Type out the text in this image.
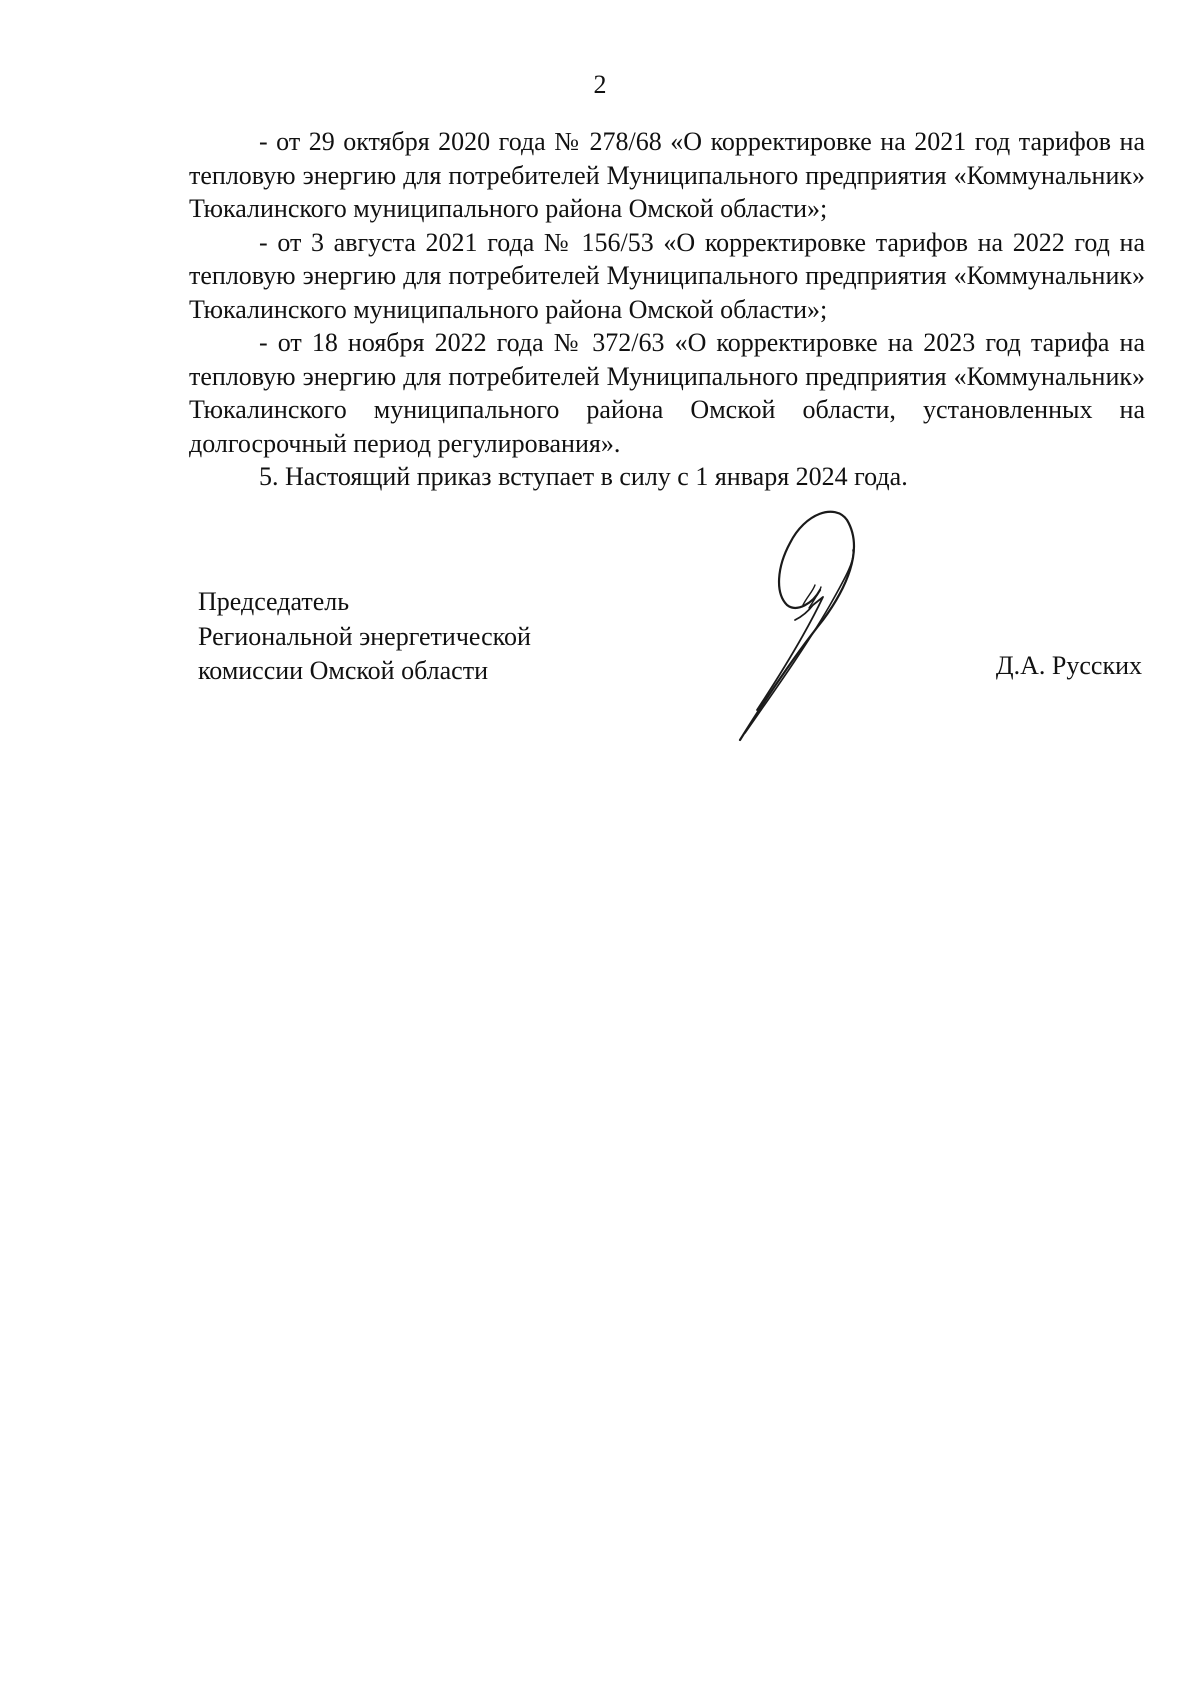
2

- от 29 октября 2020 года № 278/68 «О корректировке на 2021 год тарифов на тепловую энергию для потребителей Муниципального предприятия «Коммунальник» Тюкалинского муниципального района Омской области»;

- от 3 августа 2021 года № 156/53 «О корректировке тарифов на 2022 год на тепловую энергию для потребителей Муниципального предприятия «Коммунальник» Тюкалинского муниципального района Омской области»;

- от 18 ноября 2022 года № 372/63 «О корректировке на 2023 год тарифа на тепловую энергию для потребителей Муниципального предприятия «Коммунальник» Тюкалинского муниципального района Омской области, установленных на долгосрочный период регулирования».

5. Настоящий приказ вступает в силу с 1 января 2024 года.

Председатель
Региональной энергетической
комиссии Омской области	Д.А. Русских
